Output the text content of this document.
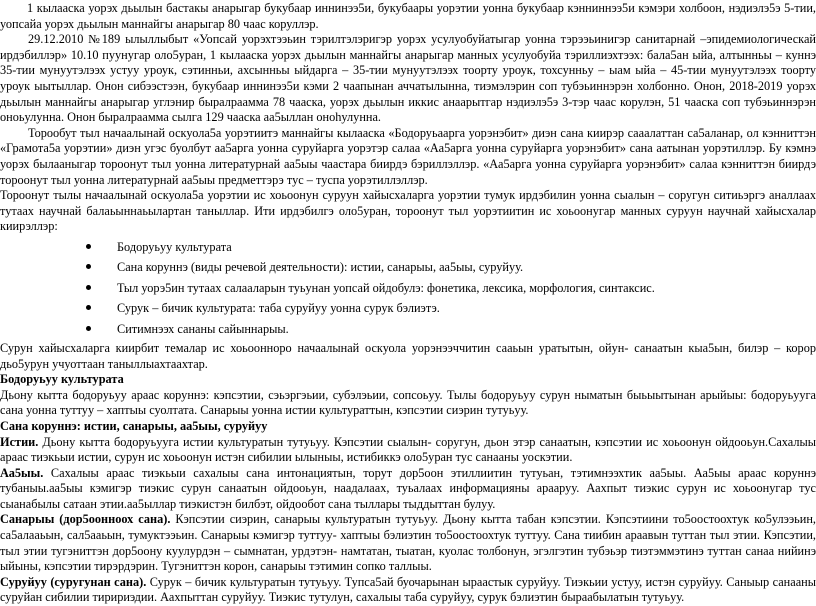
1 кылааска уорэх дьылын бастакы анарыгар букубаар иннинээ5и, букубаары уорэтии уонна букубаар кэнниннээ5и кэмэри холбоон, нэдиэлэ5э 5-тии, уопсайа уорэх дьылын маннайгы анарыгар 80 чаас коруллэр.

29.12.2010 №189 ылыллыбыт «Уопсай уорэхтээьин тэрилтэлэригэр уорэх усулуобуйатыгар уонна тэрээьинигэр санитарнай –эпидемиологическай ирдэбиллэр» 10.10 пуунугар оло5уран, 1 кылааска уорэх дьылын маннайгы анарыгар манных усулуобуйа тэриллиэхтээх: бала5ан ыйа, алтынньы – куннэ 35-тии мунуутэлээх устуу уроук, сэтинньи, ахсынньы ыйдарга – 35-тии мунуутэлээх тоорту уроук, тохсунньу – ыам ыйа – 45-тии мунуутэлээх тоорту уроук ыытыллар. Онон сибээстээн, букубаар иннинээ5и кэми 2 чаапынан аччатылынна, тиэмэлэрин соп тубэьиннэрэн холбонно. Онон, 2018-2019 уорэх дьылын маннайгы анарыгар углэнир быралраамма 78 чааска, уорэх дьылын иккис анаарытгар нэдиэлэ5э 3-тэр чаас корулэн, 51 чааска соп тубэьиннэрэн оноьулунна. Онон быралраамма сылга 129 чааска аа5ыллан оноhулунна.

Торообут тыл начаалынай оскуола5а уорэтиитэ маннайгы кылааска «Бодоруьаарга уорэнэбит» диэн сана киирэр сааалаттан са5аланар, ол кэнниттэн «Грамота5а уорэтии» диэн угэс буолбут аа5арга уонна суруйарга уорэтэр салаа «Аа5арга уонна суруйарга уорэнэбит» сана аатынан уорэтиллэр. Бу кэмнэ уорэх былааныгар тороонут тыл уонна литературнай аа5ыы чаастара биирдэ бэриллэллэр. «Аа5арга уонна суруйарга уорэнэбит» салаа кэнниттэн биирдэ тороонут тыл уонна литературнай аа5ыы предметтэрэ тус – туспа уорэтиллэллэр.

Тороонут тылы начаалынай оскуола5а уорэтии ис хоьоонун суруун хайысхаларга уорэтии тумук ирдэбилин уонна сыалын – соругун ситиьэргэ аналлаах тутаах научнай балаьыннаьылартан таныллар. Ити ирдэбилгэ оло5уран, тороонут тыл уорэтиитин ис хоьоонугар манных суруун научнай хайысхалар киирэллэр:

Бодоруьуу культурата
Сана коруннэ (виды речевой деятельности): истии, санарыы, аа5ыы, суруйуу.
Тыл уорэ5ин тутаах салааларын туьунан уопсай ойдобулэ: фонетика, лексика, морфология, синтаксис.
Сурук – бичик культурата: таба суруйуу уонна сурук бэлиэтэ.
Ситимнээх сананы сайыннарыы.

Сурун хайысхаларга киирбит темалар ис хоьоонноро начаалынай оскуола уорэнээччитин сааьын уратытын, ойун- санаатын кыа5ын, билэр – корор дьо5урун учуоттаан таныллыахтаахтар.

Бодоруьуу культурата

Дьону кытта бодоруьуу араас коруннэ: кэпсэтии, сэьэргэьии, субэлэьии, сопсоьуу. Тылы бодоруьуу сурун ныматын быьыытынан арыйыы: бодоруьууга сана уонна туттуу – хаптыы суолтата. Санарыы уонна истии культураттын, кэпсэтии сиэрин тутуьуу.

Сана коруннэ: истии, санарыы, аа5ыы, суруйуу

Истии. Дьону кытта бодоруьууга истии культуратын тутуьуу. Кэпсэтии сыалын- соругун, дьон этэр санаатын, кэпсэтии ис хоьоонун ойдооьун.Сахалыы араас тиэкьыи истии, сурун ис хоьоонун истэн сибилии ылыныы, истибиккэ оло5уран тус санааны уоскэтии.

Аа5ыы. Сахалыы араас тиэкьыи сахалыы сана интонациятын, торут дор5оон этиллиитин тутуьан, тэтимнээхтик аа5ыы. Аа5ыы араас коруннэ тубаныы.аа5ыы кэмигэр тиэкис сурун санаатын ойдооьун, наадалаах, туьалаах информацияны арааруу. Аахпыт тиэкис сурун ис хоьоонугар тус сыанабылы сатаан этии.аа5ыллар тиэкистэн билбэт, ойдообот сана тыллары тыддыттан булуу.

Санарыы (дор5оонноох сана). Кэпсэтии сиэрин, санарыы культуратын тутуьуу. Дьону кытта табан кэпсэтии. Кэпсэтиини то5оостоохтук ко5улээьин, са5алааьын, сал5ааьын, тумуктээьин. Санарыы кэмигэр туттуу- хаптыы бэлиэтин то5оостоохтук туттуу. Сана тиибин араавын туттан тыл этии. Кэпсэтии, тыл этии тугэниттэн дор5оону куулурдэн – сымнатан, урдэтэн- намтатан, тыатан, куолас толбонун, эгэлгэтин тубэьэр тиэтэммэтинэ туттан санаа нийинэ ыйыны, кэпсэтии тирэрдэрин. Тугэниттэн корон, санарыы тэтимин сопко таллыы.

Суруйуу (суругунан сана). Сурук – бичик культуратын тутуьуу. Тупса5ай буочарынан ыраастык суруйуу. Тиэкьии устуу, истэн суруйуу. Саныыр санааны суруйан сибилии тиририэдии. Аахпыттан суруйуу. Тиэкис тутулун, сахалыы таба суруйуу, сурук бэлиэтин быраабылатын тутуьуу.
